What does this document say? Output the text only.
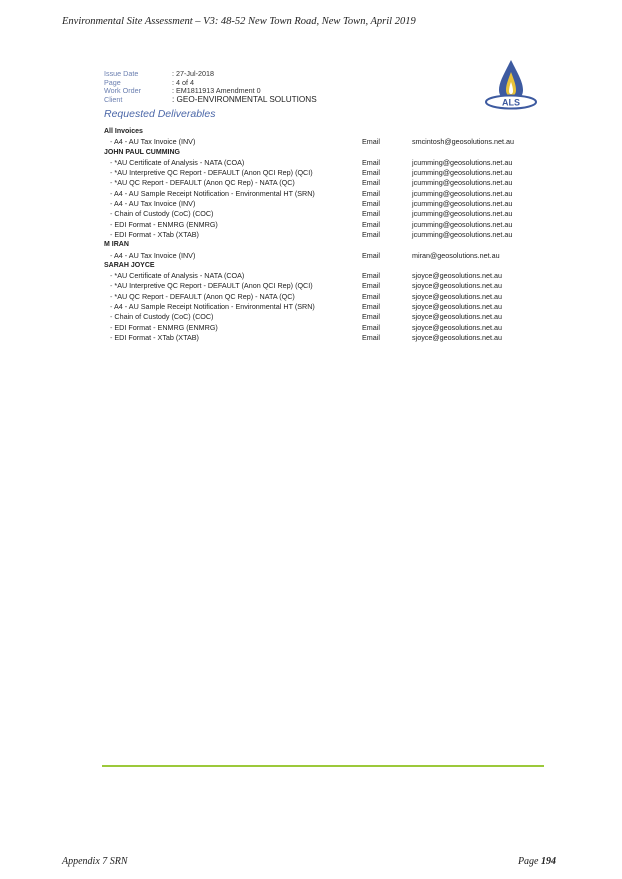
Environmental Site Assessment – V3: 48-52 New Town Road, New Town, April 2019
Issue Date	: 27-Jul-2018
Page	: 4 of 4
Work Order	: EM1811913 Amendment 0
Client	: GEO-ENVIRONMENTAL SOLUTIONS	ALS
Requested Deliverables
All Invoices
- A4 - AU Tax Invoice (INV)	Email	smcintosh@geosolutions.net.au
JOHN PAUL CUMMING
- *AU Certificate of Analysis - NATA (COA)	Email	jcumming@geosolutions.net.au
- *AU Interpretive QC Report - DEFAULT (Anon QCI Rep) (QCI)	Email	jcumming@geosolutions.net.au
- *AU QC Report - DEFAULT (Anon QC Rep) - NATA (QC)	Email	jcumming@geosolutions.net.au
- A4 - AU Sample Receipt Notification - Environmental HT (SRN)	Email	jcumming@geosolutions.net.au
- A4 - AU Tax Invoice (INV)	Email	jcumming@geosolutions.net.au
- Chain of Custody (CoC) (COC)	Email	jcumming@geosolutions.net.au
- EDI Format - ENMRG (ENMRG)	Email	jcumming@geosolutions.net.au
- EDI Format - XTab (XTAB)	Email	jcumming@geosolutions.net.au
M IRAN
- A4 - AU Tax Invoice (INV)	Email	miran@geosolutions.net.au
SARAH JOYCE
- *AU Certificate of Analysis - NATA (COA)	Email	sjoyce@geosolutions.net.au
- *AU Interpretive QC Report - DEFAULT (Anon QCI Rep) (QCI)	Email	sjoyce@geosolutions.net.au
- *AU QC Report - DEFAULT (Anon QC Rep) - NATA (QC)	Email	sjoyce@geosolutions.net.au
- A4 - AU Sample Receipt Notification - Environmental HT (SRN)	Email	sjoyce@geosolutions.net.au
- Chain of Custody (CoC) (COC)	Email	sjoyce@geosolutions.net.au
- EDI Format - ENMRG (ENMRG)	Email	sjoyce@geosolutions.net.au
- EDI Format - XTab (XTAB)	Email	sjoyce@geosolutions.net.au
Appendix 7 SRN	Page 194
